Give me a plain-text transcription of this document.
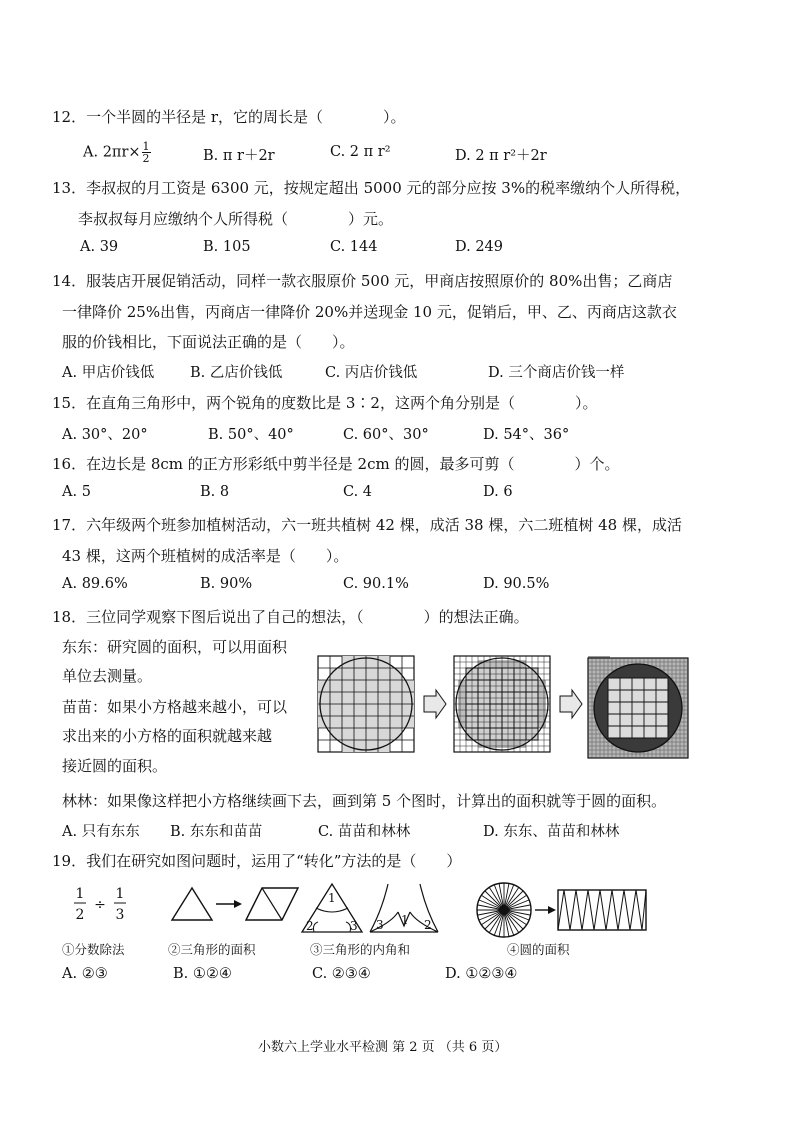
12．一个半圆的半径是 r，它的周长是（　　　　）。
A. $2\pi r\times \frac{1}{2}$	B. π r＋2r	C. 2 π r²	D. 2 π r²＋2r
13．李叔叔的月工资是 6300 元，按规定超出 5000 元的部分应按 3%的税率缴纳个人所得税，
李叔叔每月应缴纳个人所得税（　　　　）元。
A. 39	B. 105	C. 144	D. 249
14．服装店开展促销活动，同样一款衣服原价 500 元，甲商店按照原价的 80%出售；乙商店
一律降价 25%出售，丙商店一律降价 20%并送现金 10 元，促销后，甲、乙、丙商店这款衣
服的价钱相比，下面说法正确的是（　　）。
A. 甲店价钱低 B. 乙店价钱低	C. 丙店价钱低	D. 三个商店价钱一样
15．在直角三角形中，两个锐角的度数比是 3∶2，这两个角分别是（　　　　）。
A. 30°、20°	B. 50°、40°	C. 60°、30°	D. 54°、36°
16．在边长是 8cm 的正方形彩纸中剪半径是 2cm 的圆，最多可剪（　　　　）个。
A. 5	B. 8	C. 4	D. 6
17．六年级两个班参加植树活动，六一班共植树 42 棵，成活 38 棵，六二班植树 48 棵，成活
43 棵，这两个班植树的成活率是（　　）。
A. 89.6%	B. 90%	C. 90.1%	D. 90.5%
18．三位同学观察下图后说出了自己的想法，（　　　　）的想法正确。
东东：研究圆的面积，可以用面积
单位去测量。
苗苗：如果小方格越来越小，可以
求出来的小方格的面积就越来越
接近圆的面积。
林林：如果像这样把小方格继续画下去，画到第 5 个图时，计算出的面积就等于圆的面积。
A. 只有东东 B. 东东和苗苗	C. 苗苗和林林	D. 东东、苗苗和林林
19．我们在研究如图问题时，运用了“转化”方法的是（　　）
1
2
÷
1
3
1
2	3 3 1 2
①分数除法	②三角形的面积	③三角形的内角和	④圆的面积
A. ②③	B. ①②④	C. ②③④	D. ①②③④
小数六上学业水平检测 第 2 页 （共 6 页）
